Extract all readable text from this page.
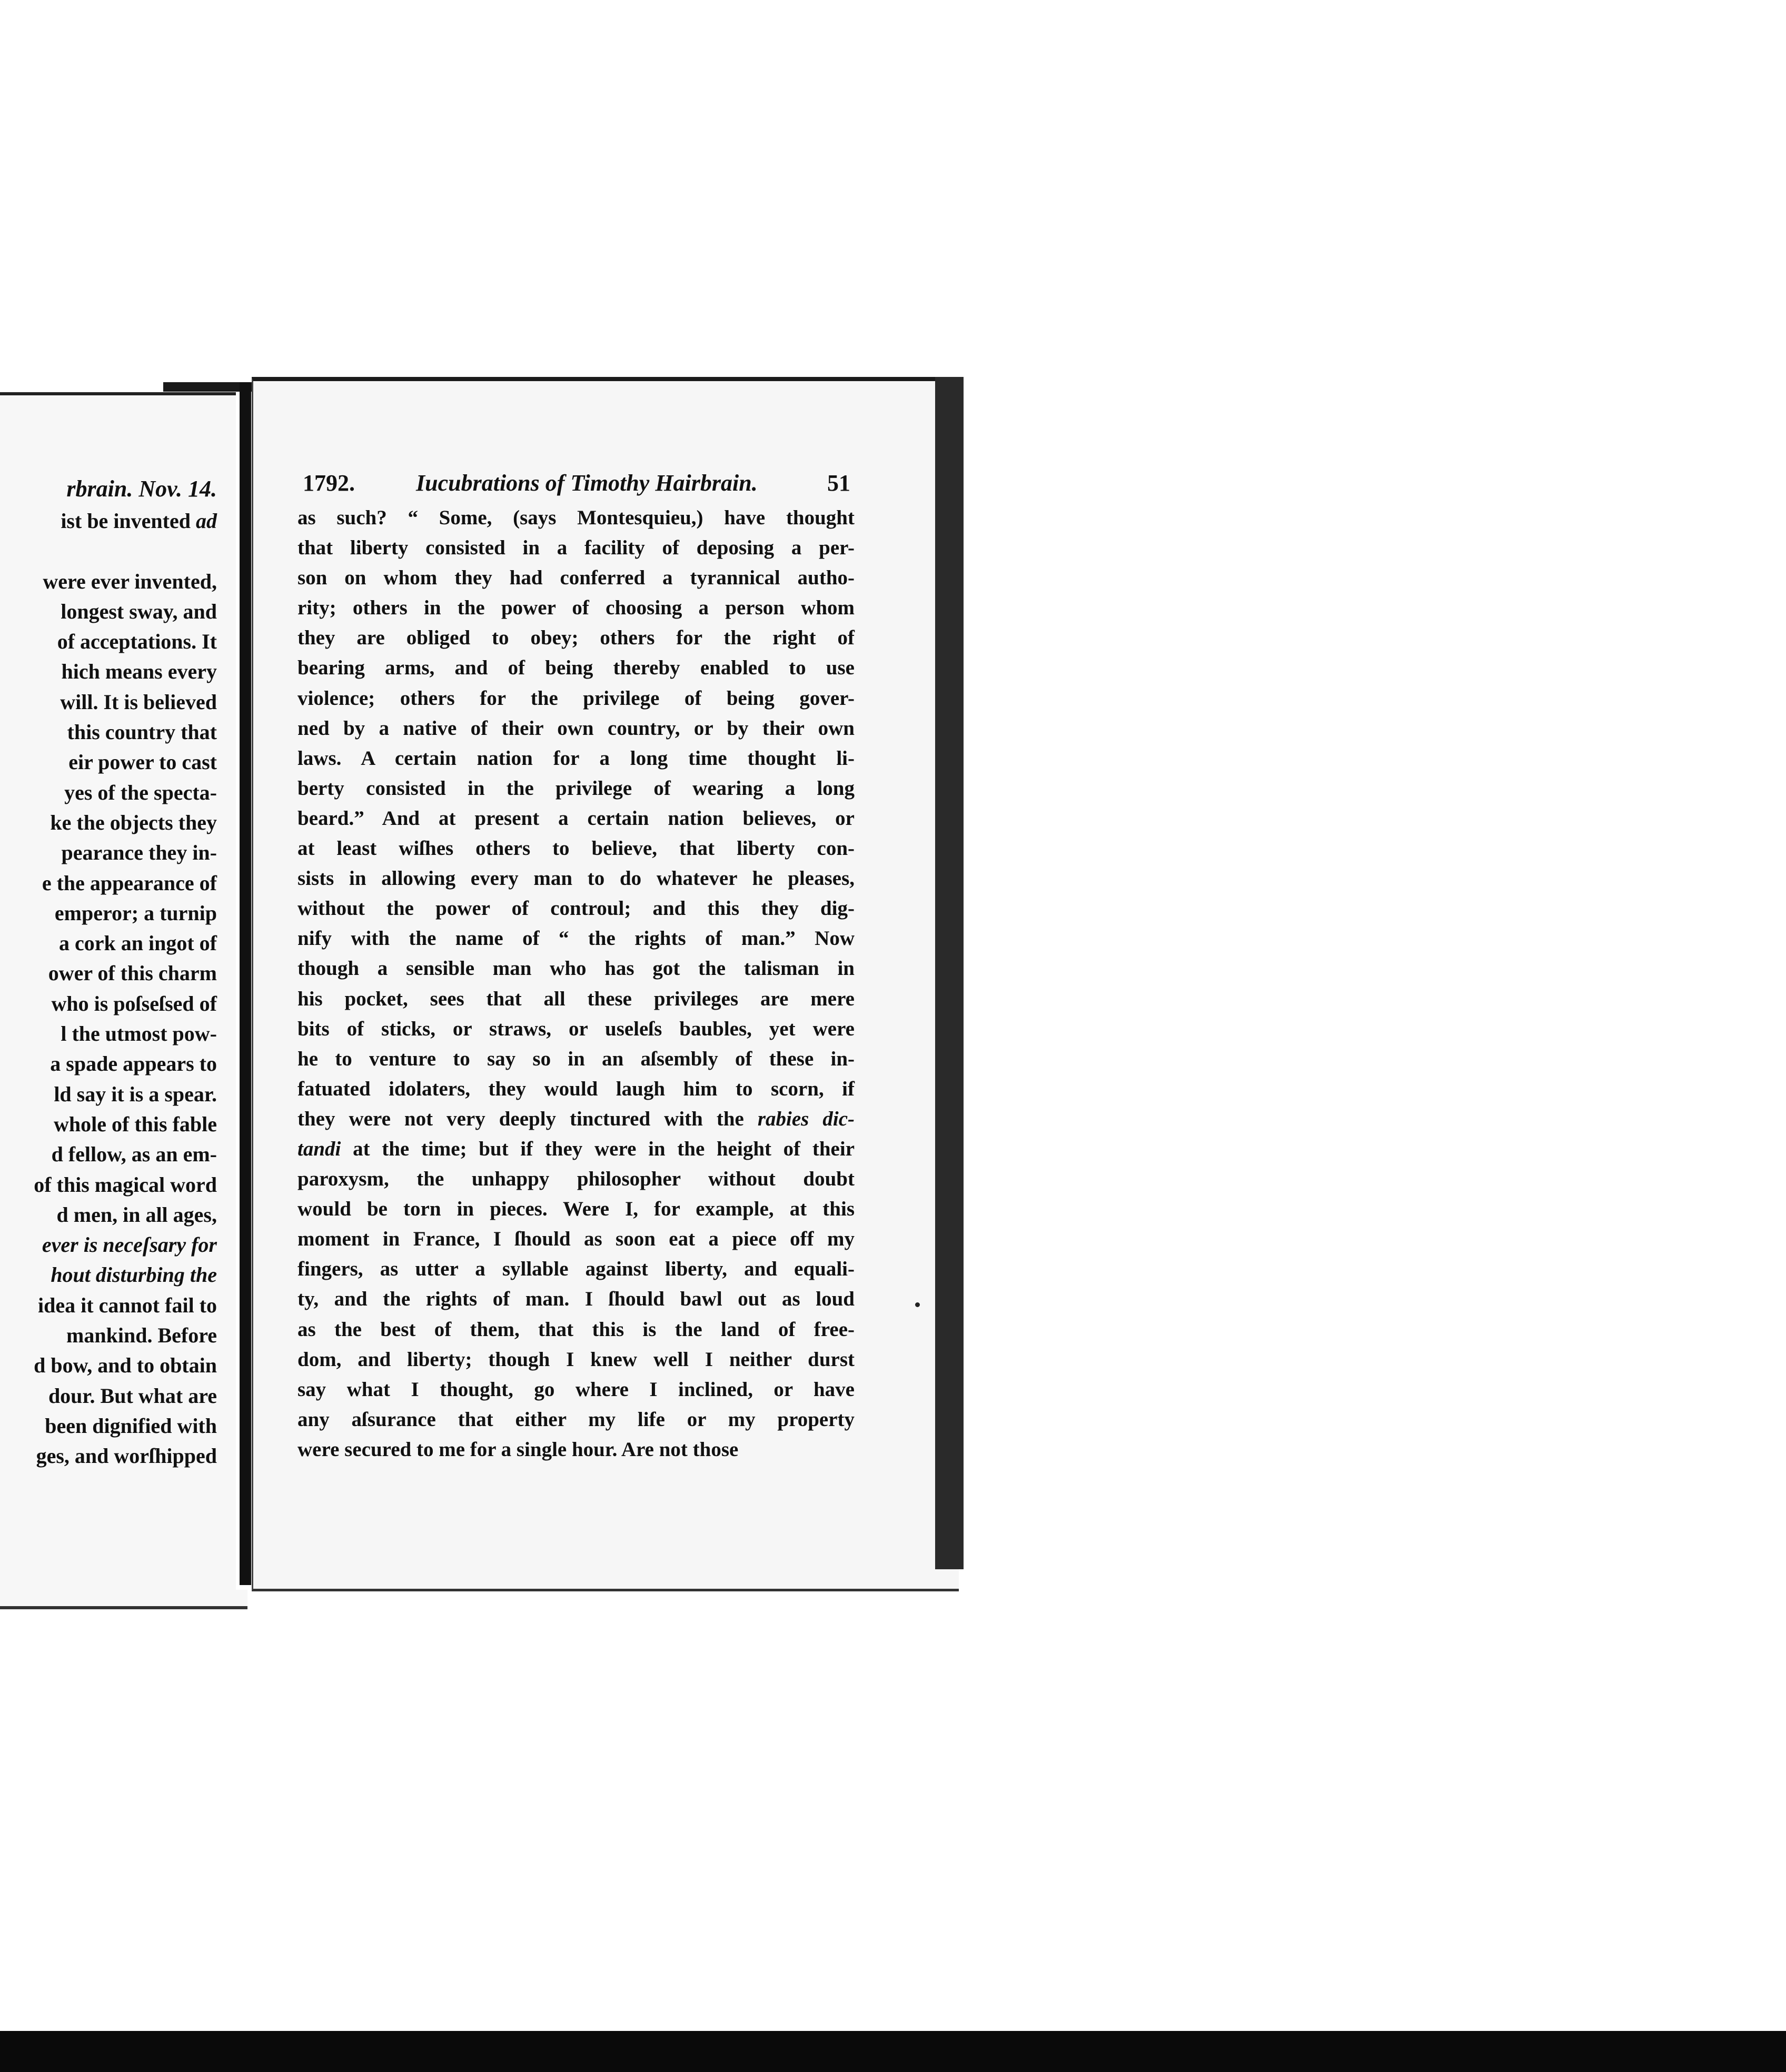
rbrain. Nov. 14.
ist be invented ad

were ever invented,
longest sway, and
of acceptations. It
hich means every
will. It is believed
this country that
eir power to cast
yes of the specta-
ke the objects they
pearance they in-
e the appearance of
emperor; a turnip
a cork an ingot of
ower of this charm
who is poſseſsed of
l the utmost pow-
a spade appears to
ld say it is a spear.
whole of this fable
d fellow, as an em-
of this magical word
d men, in all ages,
ever is neceſsary for
hout disturbing the
idea it cannot fail to
mankind. Before
d bow, and to obtain
dour. But what are
been dignified with
ges, and worſhipped
1792.	Iucubrations of Timothy Hairbrain.	51
as such? “ Some, (says Montesquieu,) have thought
that liberty consisted in a facility of deposing a per-
son on whom they had conferred a tyrannical autho-
rity; others in the power of choosing a person whom
they are obliged to obey; others for the right of
bearing arms, and of being thereby enabled to use
violence; others for the privilege of being gover-
ned by a native of their own country, or by their own
laws. A certain nation for a long time thought li-
berty consisted in the privilege of wearing a long
beard.” And at present a certain nation believes, or
at least wiſhes others to believe, that liberty con-
sists in allowing every man to do whatever he pleases,
without the power of controul; and this they dig-
nify with the name of “ the rights of man.” Now
though a sensible man who has got the talisman in
his pocket, sees that all these privileges are mere
bits of sticks, or straws, or useleſs baubles, yet were
he to venture to say so in an aſsembly of these in-
fatuated idolaters, they would laugh him to scorn, if
they were not very deeply tinctured with the rabies dic-
tandi at the time; but if they were in the height of their
paroxysm, the unhappy philosopher without doubt
would be torn in pieces. Were I, for example, at this
moment in France, I ſhould as soon eat a piece off my
fingers, as utter a syllable against liberty, and equali-
ty, and the rights of man. I ſhould bawl out as loud
as the best of them, that this is the land of free-
dom, and liberty; though I knew well I neither durst
say what I thought, go where I inclined, or have
any aſsurance that either my life or my property
were secured to me for a single hour. Are not those
